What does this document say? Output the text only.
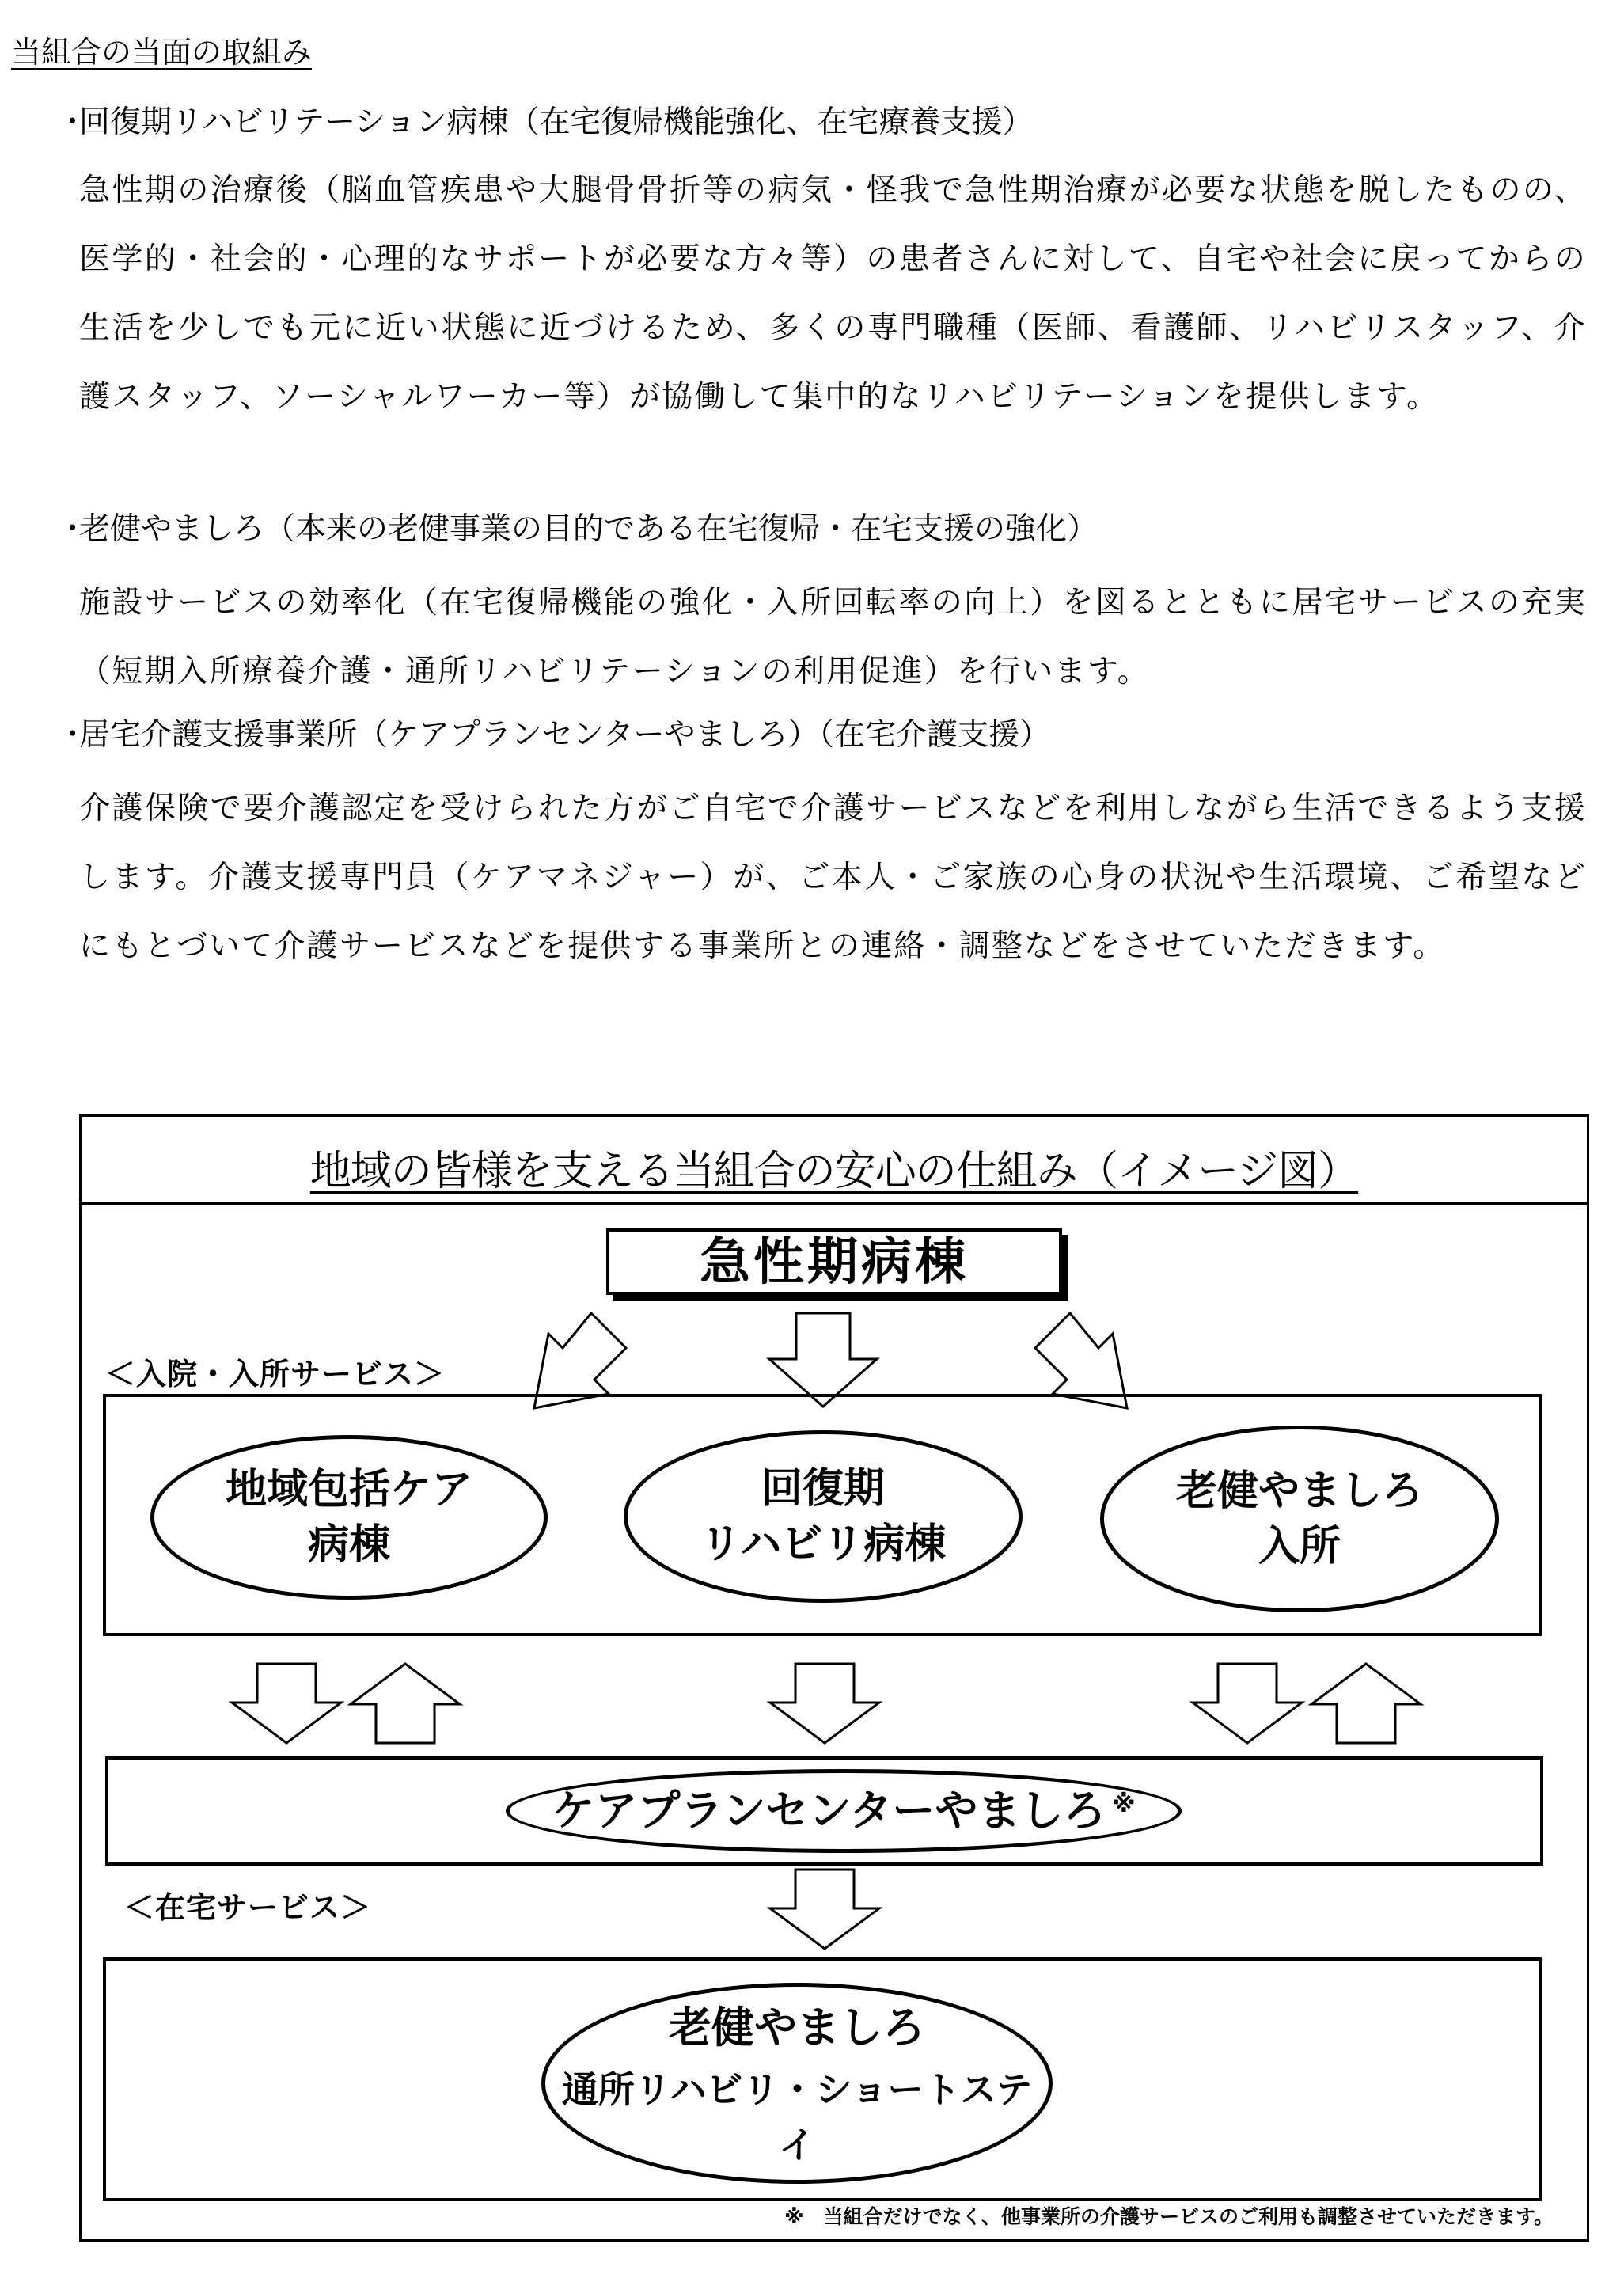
当組合の当面の取組み
・回復期リハビリテーション病棟（在宅復帰機能強化、在宅療養支援）
急性期の治療後（脳血管疾患や大腿骨骨折等の病気・怪我で急性期治療が必要な状態を脱したものの、医学的・社会的・心理的なサポートが必要な方々等）の患者さんに対して、自宅や社会に戻ってからの生活を少しでも元に近い状態に近づけるため、多くの専門職種（医師、看護師、リハビリスタッフ、介護スタッフ、ソーシャルワーカー等）が協働して集中的なリハビリテーションを提供します。
・老健やましろ（本来の老健事業の目的である在宅復帰・在宅支援の強化）
施設サービスの効率化（在宅復帰機能の強化・入所回転率の向上）を図るとともに居宅サービスの充実（短期入所療養介護・通所リハビリテーションの利用促進）を行います。
・居宅介護支援事業所（ケアプランセンターやましろ）（在宅介護支援）
介護保険で要介護認定を受けられた方がご自宅で介護サービスなどを利用しながら生活できるよう支援します。介護支援専門員（ケアマネジャー）が、ご本人・ご家族の心身の状況や生活環境、ご希望などにもとづいて介護サービスなどを提供する事業所との連絡・調整などをさせていただきます。
地域の皆様を支える当組合の安心の仕組み（イメージ図）
急性期病棟
＜入院・入所サービス＞
地域包括ケア
病棟
回復期
リハビリ病棟
老健やましろ
入所
ケアプランセンターやましろ ※
＜在宅サービス＞
老健やましろ
通所リハビリ・ショートステイ
※　当組合だけでなく、他事業所の介護サービスのご利用も調整させていただきます。
